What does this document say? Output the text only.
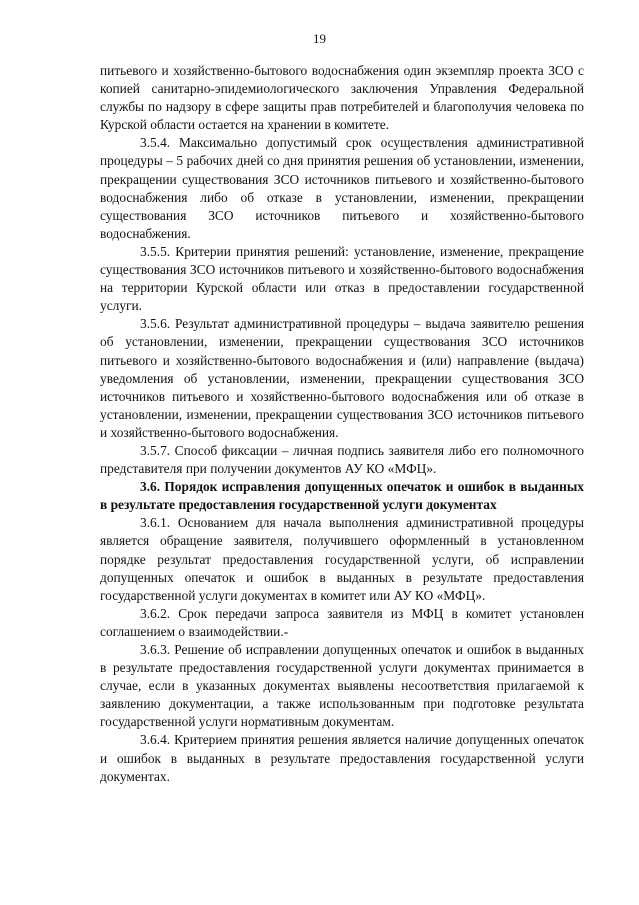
19

питьевого и хозяйственно-бытового водоснабжения один экземпляр проекта ЗСО с копией санитарно-эпидемиологического заключения Управления Федеральной службы по надзору в сфере защиты прав потребителей и благополучия человека по Курской области остается на хранении в комитете.

3.5.4. Максимально допустимый срок осуществления административной процедуры – 5 рабочих дней со дня принятия решения об установлении, изменении, прекращении существования ЗСО источников питьевого и хозяйственно-бытового водоснабжения либо об отказе в установлении, изменении, прекращении существования ЗСО источников питьевого и хозяйственно-бытового водоснабжения.

3.5.5. Критерии принятия решений: установление, изменение, прекращение существования ЗСО источников питьевого и хозяйственно-бытового водоснабжения на территории Курской области или отказ в предоставлении государственной услуги.

3.5.6. Результат административной процедуры – выдача заявителю решения об установлении, изменении, прекращении существования ЗСО источников питьевого и хозяйственно-бытового водоснабжения и (или) направление (выдача) уведомления об установлении, изменении, прекращении существования ЗСО источников питьевого и хозяйственно-бытового водоснабжения или об отказе в установлении, изменении, прекращении существования ЗСО источников питьевого и хозяйственно-бытового водоснабжения.

3.5.7. Способ фиксации – личная подпись заявителя либо его полномочного представителя при получении документов АУ КО «МФЦ».

3.6. Порядок исправления допущенных опечаток и ошибок в выданных в результате предоставления государственной услуги документах

3.6.1. Основанием для начала выполнения административной процедуры является обращение заявителя, получившего оформленный в установленном порядке результат предоставления государственной услуги, об исправлении допущенных опечаток и ошибок в выданных в результате предоставления государственной услуги документах в комитет или АУ КО «МФЦ».

3.6.2. Срок передачи запроса заявителя из МФЦ в комитет установлен соглашением о взаимодействии.-

3.6.3. Решение об исправлении допущенных опечаток и ошибок в выданных в результате предоставления государственной услуги документах принимается в случае, если в указанных документах выявлены несоответствия прилагаемой к заявлению документации, а также использованным при подготовке результата государственной услуги нормативным документам.

3.6.4. Критерием принятия решения является наличие допущенных опечаток и ошибок в выданных в результате предоставления государственной услуги документах.
